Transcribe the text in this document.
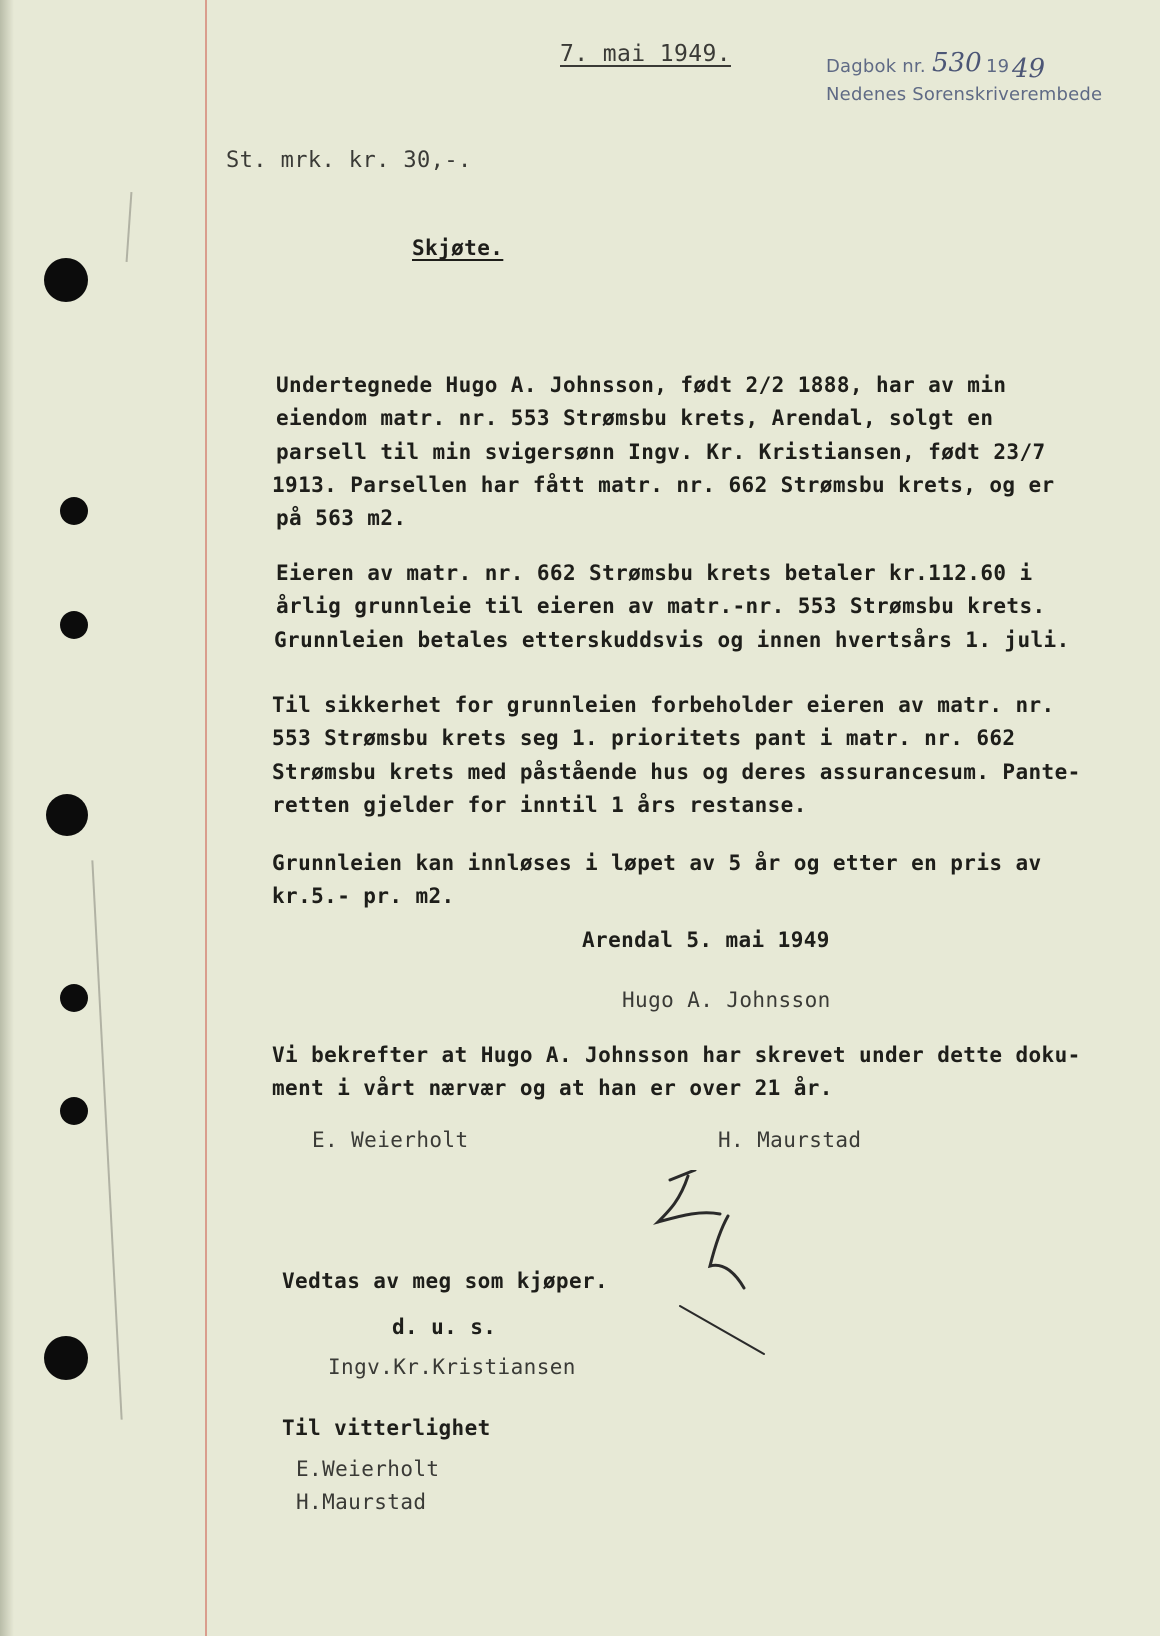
7. mai 1949.	Dagbok nr. 530 19 49
Nedenes Sorenskriverembede
St. mrk. kr. 30,-.
Skjøte.
Undertegnede Hugo A. Johnsson, født 2/2 1888, har av min
eiendom matr. nr. 553 Strømsbu krets, Arendal, solgt en
parsell til min svigersønn Ingv. Kr. Kristiansen, født 23/7
1913. Parsellen har fått matr. nr. 662 Strømsbu krets, og er
på 563 m2.
Eieren av matr. nr. 662 Strømsbu krets betaler kr.112.60 i
årlig grunnleie til eieren av matr.-nr. 553 Strømsbu krets.
Grunnleien betales etterskuddsvis og innen hvertsårs 1. juli.
Til sikkerhet for grunnleien forbeholder eieren av matr. nr.
553 Strømsbu krets seg 1. prioritets pant i matr. nr. 662
Strømsbu krets med påstående hus og deres assurancesum. Pante-
retten gjelder for inntil 1 års restanse.
Grunnleien kan innløses i løpet av 5 år og etter en pris av
kr.5.- pr. m2.
Arendal 5. mai 1949
Hugo A. Johnsson
Vi bekrefter at Hugo A. Johnsson har skrevet under dette doku-
ment i vårt nærvær og at han er over 21 år.
E. Weierholt	H. Maurstad
Vedtas av meg som kjøper.
d. u. s.
Ingv.Kr.Kristiansen
Til vitterlighet
E.Weierholt
H.Maurstad
